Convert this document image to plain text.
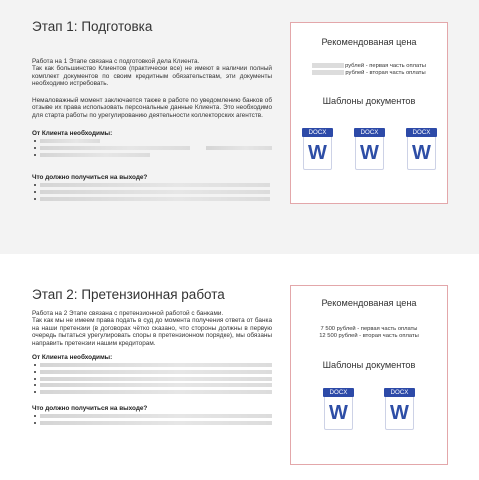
Этап 1: Подготовка
Работа на 1 Этапе связана с подготовкой дела Клиента.
Так как большинство Клиентов (практически все) не имеют в наличии полный комплект документов по своим кредитным обязательствам, эти документы необходимо истребовать.
Немаловажный момент заключается также в работе по уведомлению банков об отзыве их права использовать персональные данные Клиента. Это необходимо для старта работы по урегулированию деятельности коллекторских агентств.
От Клиента необходимы:
Что должно получиться на выходе?
Рекомендованая цена
рублей - первая часть оплаты
рублей - вторая часть оплаты
Шаблоны документов
DOCX
W
DOCX
W
DOCX
W
Этап 2: Претензионная работа
Работа на 2 Этапе связана с претензионной работой с банками.
Так как мы не имеем права подать в суд до момента получения ответа от банка на наши претензии (в договорах чётко сказано, что стороны должны в первую очередь пытаться урегулировать споры в претензионном порядке), мы обязаны направить претензии нашим кредиторам.
От Клиента необходимы:
Что должно получиться на выходе?
Рекомендованая цена
7 500 рублей - первая часть оплаты
12 500 рублей - вторая часть оплаты
Шаблоны документов
DOCX
W
DOCX
W
